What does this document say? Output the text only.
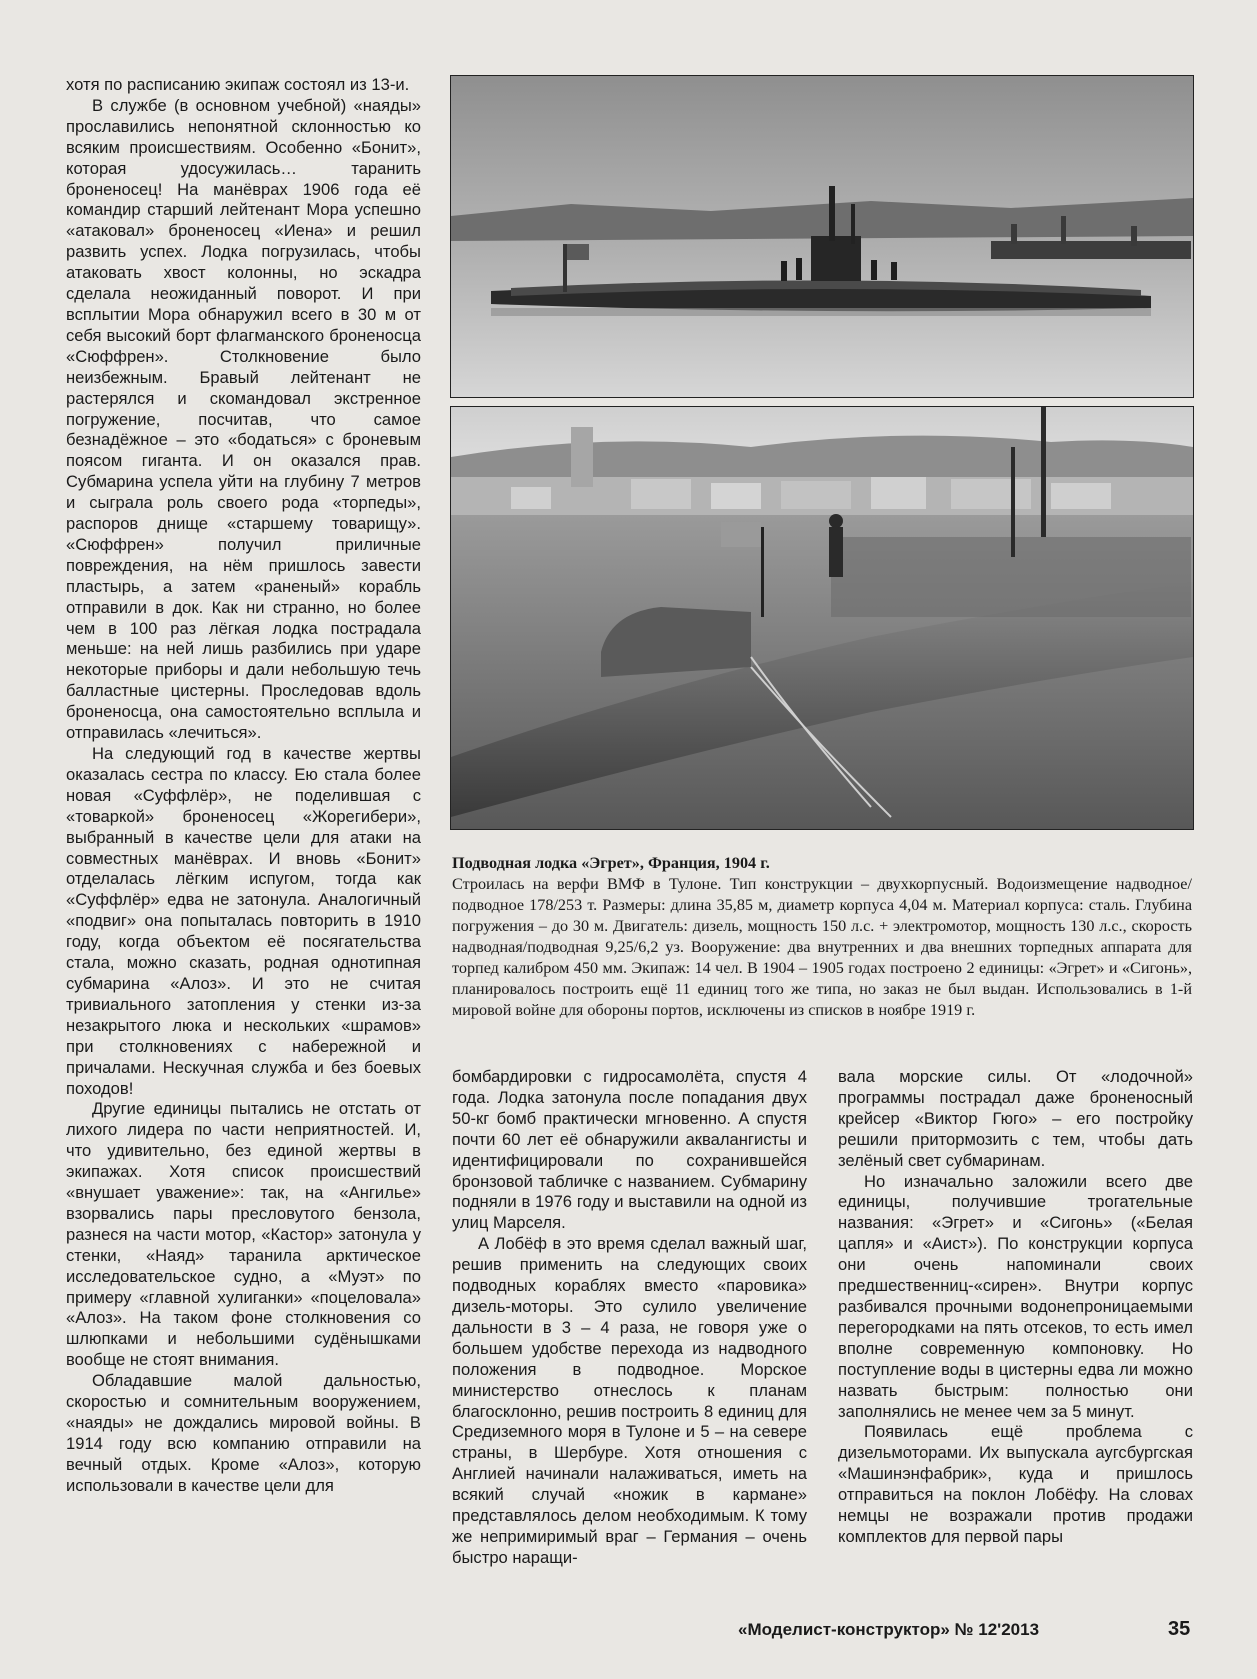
хотя по расписанию экипаж состоял из 13-и.

В службе (в основном учебной) «наяды» прославились непонятной склонностью ко всяким происшествиям. Особенно «Бонит», которая удосужилась… таранить броненосец! На манёврах 1906 года её командир старший лейтенант Мора успешно «атаковал» броненосец «Иена» и решил развить успех. Лодка погрузилась, чтобы атаковать хвост колонны, но эскадра сделала неожиданный поворот. И при всплытии Мора обнаружил всего в 30 м от себя высокий борт флагманского броненосца «Сюффрен». Столкновение было неизбежным. Бравый лейтенант не растерялся и скомандовал экстренное погружение, посчитав, что самое безнадёжное – это «бодаться» с броневым поясом гиганта. И он оказался прав. Субмарина успела уйти на глубину 7 метров и сыграла роль своего рода «торпеды», распоров днище «старшему товарищу». «Сюффрен» получил приличные повреждения, на нём пришлось завести пластырь, а затем «раненый» корабль отправили в док. Как ни странно, но более чем в 100 раз лёгкая лодка пострадала меньше: на ней лишь разбились при ударе некоторые приборы и дали небольшую течь балластные цистерны. Проследовав вдоль броненосца, она самостоятельно всплыла и отправилась «лечиться».

На следующий год в качестве жертвы оказалась сестра по классу. Ею стала более новая «Суффлёр», не поделившая с «товаркой» броненосец «Жорегибери», выбранный в качестве цели для атаки на совместных манёврах. И вновь «Бонит» отделалась лёгким испугом, тогда как «Суффлёр» едва не затонула. Аналогичный «подвиг» она попыталась повторить в 1910 году, когда объектом её посягательства стала, можно сказать, родная однотипная субмарина «Алоз». И это не считая тривиального затопления у стенки из-за незакрытого люка и нескольких «шрамов» при столкновениях с набережной и причалами. Нескучная служба и без боевых походов!

Другие единицы пытались не отстать от лихого лидера по части неприятностей. И, что удивительно, без единой жертвы в экипажах. Хотя список происшествий «внушает уважение»: так, на «Ангилье» взорвались пары пресловутого бензола, разнеся на части мотор, «Кастор» затонула у стенки, «Наяд» таранила арктическое исследовательское судно, а «Муэт» по примеру «главной хулиганки» «поцеловала» «Алоз». На таком фоне столкновения со шлюпками и небольшими судёнышками вообще не стоят внимания.

Обладавшие малой дальностью, скоростью и сомнительным вооружением, «наяды» не дождались мировой войны. В 1914 году всю компанию отправили на вечный отдых. Кроме «Алоз», которую использовали в качестве цели для

Подводная лодка «Эгрет», Франция, 1904 г.
Строилась на верфи ВМФ в Тулоне. Тип конструкции – двухкорпусный. Водоизмещение надводное/подводное 178/253 т. Размеры: длина 35,85 м, диаметр корпуса 4,04 м. Материал корпуса: сталь. Глубина погружения – до 30 м. Двигатель: дизель, мощность 150 л.с. + электромотор, мощность 130 л.с., скорость надводная/подводная 9,25/6,2 уз. Вооружение: два внутренних и два внешних торпедных аппарата для торпед калибром 450 мм. Экипаж: 14 чел. В 1904 – 1905 годах построено 2 единицы: «Эгрет» и «Сигонь», планировалось построить ещё 11 единиц того же типа, но заказ не был выдан. Использовались в 1-й мировой войне для обороны портов, исключены из списков в ноябре 1919 г.

бомбардировки с гидросамолёта, спустя 4 года. Лодка затонула после попадания двух 50-кг бомб практически мгновенно. А спустя почти 60 лет её обнаружили аквалангисты и идентифицировали по сохранившейся бронзовой табличке с названием. Субмарину подняли в 1976 году и выставили на одной из улиц Марселя.

А Лобёф в это время сделал важный шаг, решив применить на следующих своих подводных кораблях вместо «паровика» дизель-моторы. Это сулило увеличение дальности в 3 – 4 раза, не говоря уже о большем удобстве перехода из надводного положения в подводное. Морское министерство отнеслось к планам благосклонно, решив построить 8 единиц для Средиземного моря в Тулоне и 5 – на севере страны, в Шербуре. Хотя отношения с Англией начинали налаживаться, иметь на всякий случай «ножик в кармане» представлялось делом необходимым. К тому же непримиримый враг – Германия – очень быстро наращи-

вала морские силы. От «лодочной» программы пострадал даже броненосный крейсер «Виктор Гюго» – его постройку решили притормозить с тем, чтобы дать зелёный свет субмаринам.

Но изначально заложили всего две единицы, получившие трогательные названия: «Эгрет» и «Сигонь» («Белая цапля» и «Аист»). По конструкции корпуса они очень напоминали своих предшественниц-«сирен». Внутри корпус разбивался прочными водонепроницаемыми перегородками на пять отсеков, то есть имел вполне современную компоновку. Но поступление воды в цистерны едва ли можно назвать быстрым: полностью они заполнялись не менее чем за 5 минут.

Появилась ещё проблема с дизельмоторами. Их выпускала аугсбургская «Машинэнфабрик», куда и пришлось отправиться на поклон Лобёфу. На словах немцы не возражали против продажи комплектов для первой пары

«Моделист-конструктор» № 12'2013	35
